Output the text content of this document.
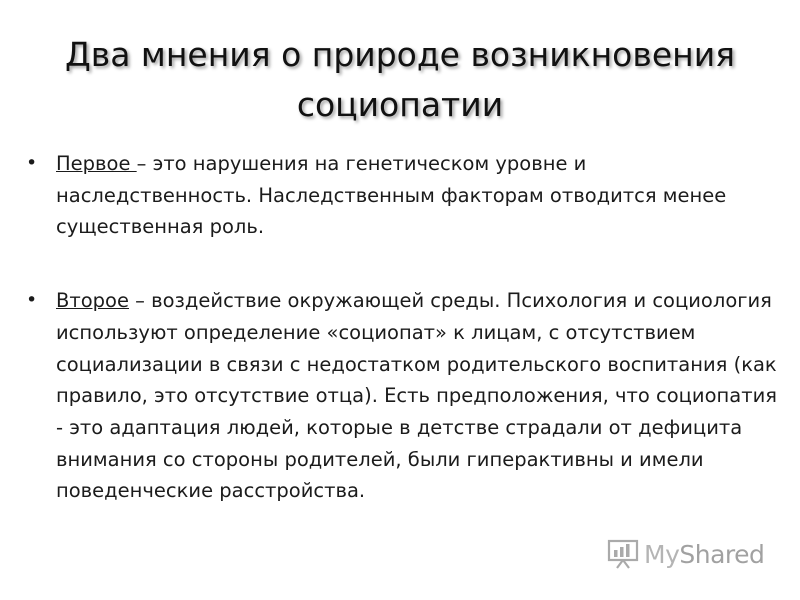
Два мнения о природе возникновения
социопатии
• Первое – это нарушения на генетическом уровне и наследственность. Наследственным факторам отводится менее существенная роль.
• Второе – воздействие окружающей среды. Психология и социология используют определение «социопат» к лицам, с отсутствием социализации в связи с недостатком родительского воспитания (как правило, это отсутствие отца). Есть предположения, что социопатия - это адаптация людей, которые в детстве страдали от дефицита внимания со стороны родителей, были гиперактивны и имели поведенческие расстройства.
MyShared
